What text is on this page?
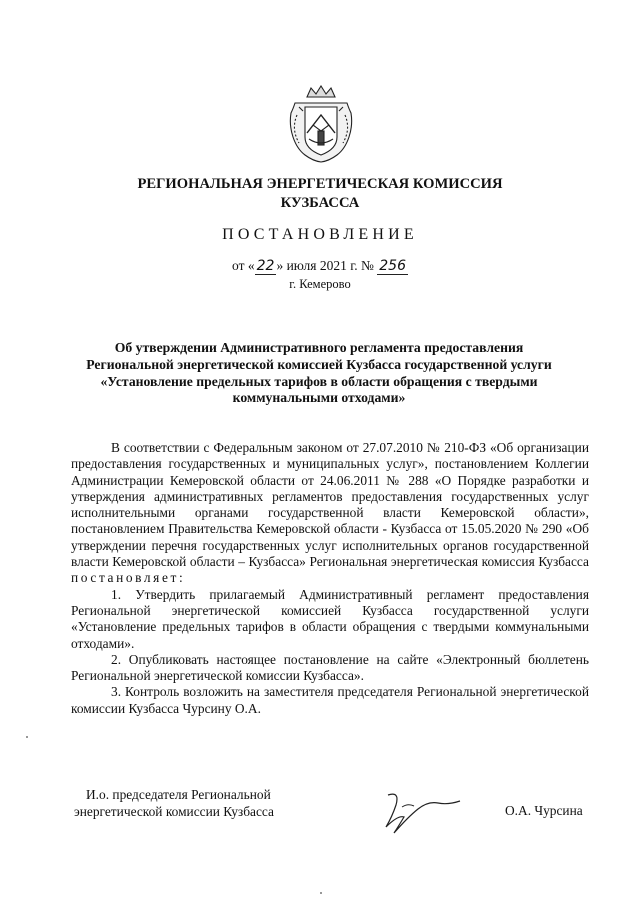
РЕГИОНАЛЬНАЯ ЭНЕРГЕТИЧЕСКАЯ КОМИССИЯ
КУЗБАССА
ПОСТАНОВЛЕНИЕ
от « 22 » июля 2021 г. № 256
г. Кемерово
Об утверждении Административного регламента предоставления
Региональной энергетической комиссией Кузбасса государственной услуги
«Установление предельных тарифов в области обращения с твердыми
коммунальными отходами»

В соответствии с Федеральным законом от 27.07.2010 № 210-ФЗ «Об организации предоставления государственных и муниципальных услуг», постановлением Коллегии Администрации Кемеровской области от 24.06.2011 № 288 «О Порядке разработки и утверждения административных регламентов предоставления государственных услуг исполнительными органами государственной власти Кемеровской области», постановлением Правительства Кемеровской области - Кузбасса от 15.05.2020 № 290 «Об утверждении перечня государственных услуг исполнительных органов государственной власти Кемеровской области – Кузбасса» Региональная энергетическая комиссия Кузбасса постановляет:

1. Утвердить прилагаемый Административный регламент предоставления Региональной энергетической комиссией Кузбасса государственной услуги «Установление предельных тарифов в области обращения с твердыми коммунальными отходами».

2. Опубликовать настоящее постановление на сайте «Электронный бюллетень Региональной энергетической комиссии Кузбасса».

3. Контроль возложить на заместителя председателя Региональной энергетической комиссии Кузбасса Чурсину О.А.

И.о. председателя Региональной
энергетической комиссии Кузбасса	О.А. Чурсина
